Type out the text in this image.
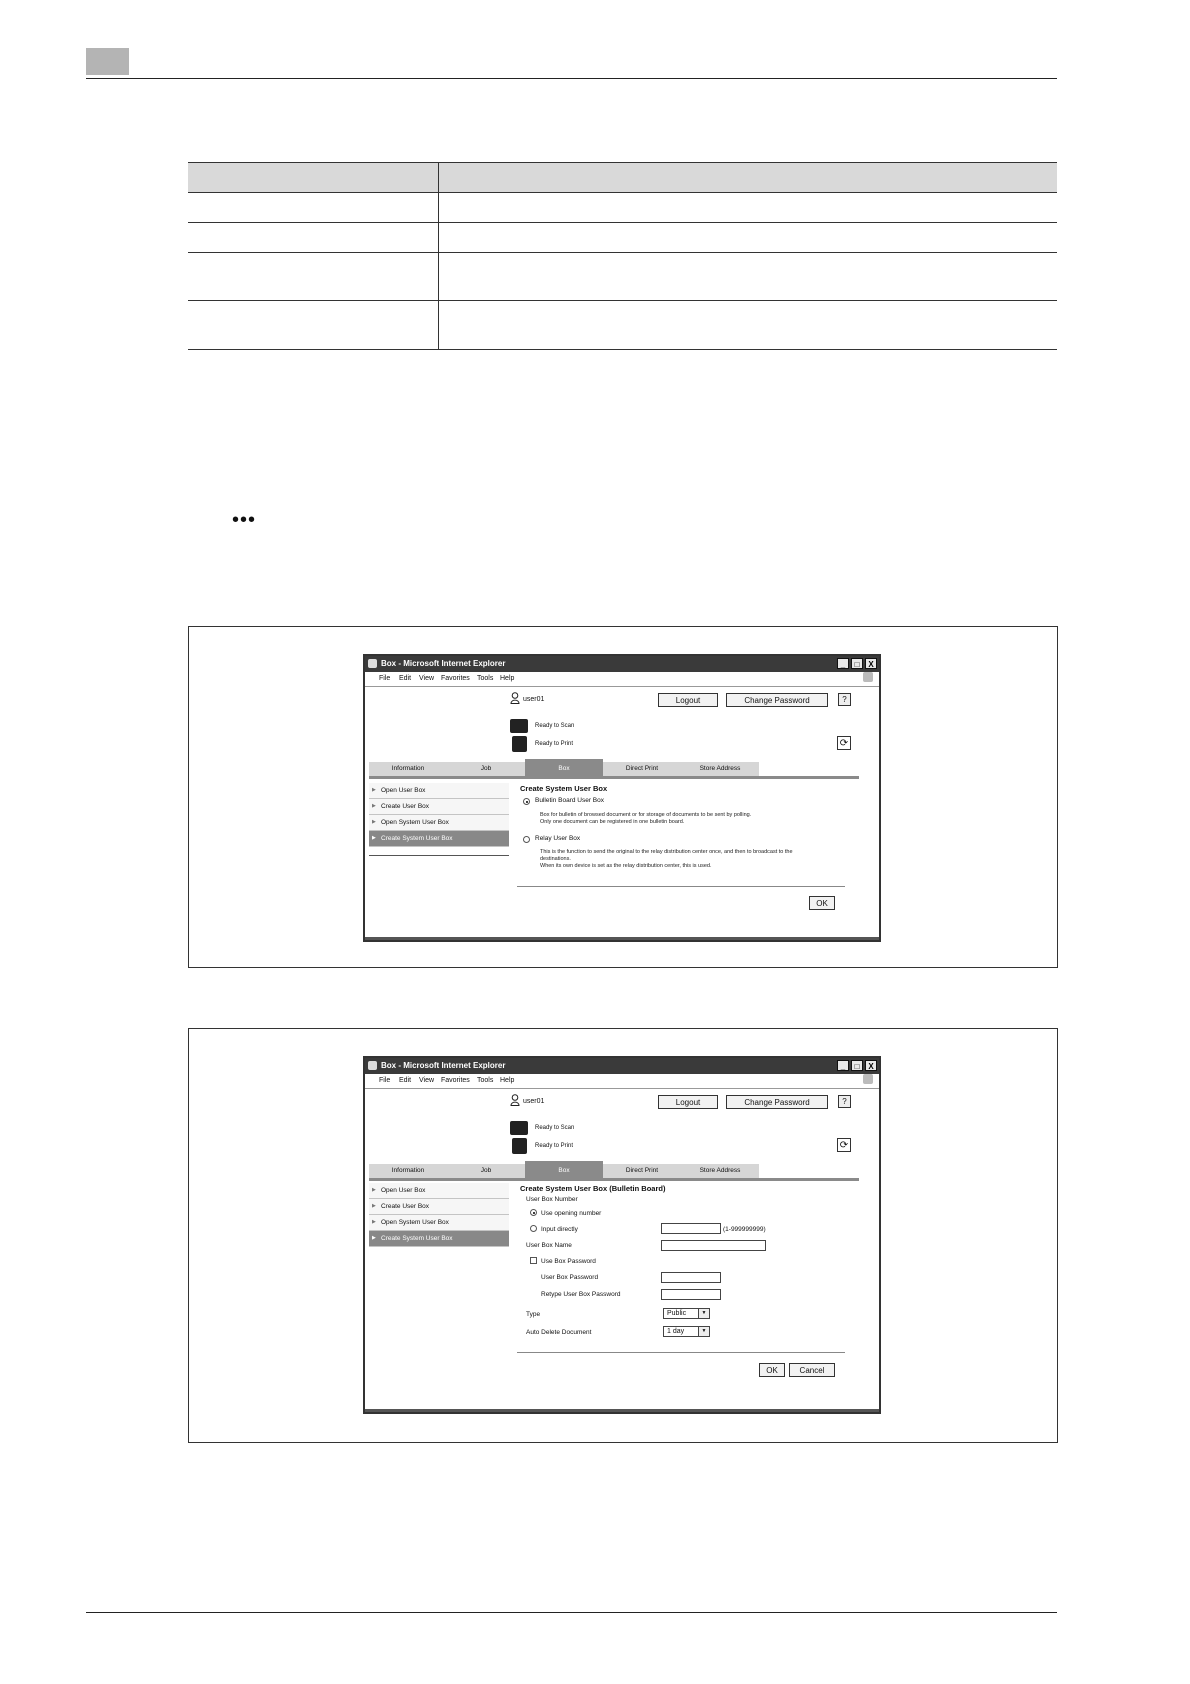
•••
Box - Microsoft Internet Explorer	_	□	X
File Edit View Favorites Tools Help
user01	Logout	Change Password	?
Ready to Scan
Ready to Print	⟳
Information	Job	Box	Direct Print	Store Address
▶ Open User Box
▶ Create User Box
▶ Open System User Box
▶ Create System User Box
Create System User Box
Bulletin Board User Box
Box for bulletin of browsed document or for storage of documents to be sent by polling.
Only one document can be registered in one bulletin board.
Relay User Box
This is the function to send the original to the relay distribution center once, and then to broadcast to the
destinations.
When its own device is set as the relay distribution center, this is used.
OK
Box - Microsoft Internet Explorer	_	□	X
File Edit View Favorites Tools Help
user01	Logout	Change Password	?
Ready to Scan
Ready to Print	⟳
Information	Job	Box	Direct Print	Store Address
▶ Open User Box
▶ Create User Box
▶ Open System User Box
▶ Create System User Box
Create System User Box (Bulletin Board)
User Box Number
Use opening number
Input directly	(1-999999999)
User Box Name
Use Box Password
User Box Password
Retype User Box Password
Type	Public	▼
Auto Delete Document	1 day	▼
OK	Cancel
